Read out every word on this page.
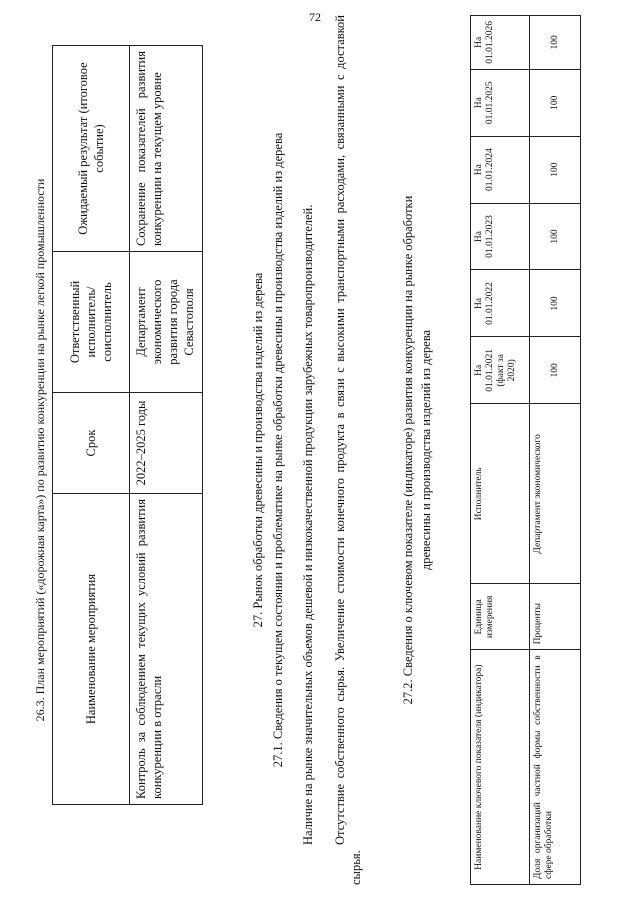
72
26.3. План мероприятий («дорожная карта») по развитию конкуренции на рынке легкой промышленности	Наименование мероприятия	Срок	Ответственный исполнитель/ соисполнитель	Ожидаемый результат (итоговое событие)
Контроль за соблюдением текущих условий развития конкуренции в отрасли	2022–2025 годы	Департамент экономического развития города Севастополя	Сохранение показателей развития конкуренции на текущем уровне
27. Рынок обработки древесины и производства изделий из дерева 27.1. Сведения о текущем состоянии и проблематике на рынке обработки древесины и производства изделий из дерева Наличие на рынке значительных объемов дешевой и низкокачественной продукции зарубежных товаропроизводителей. Отсутствие собственного сырья. Увеличение стоимости конечного продукта в связи с высокими транспортными расходами, связанными с доставкой сырья.
27.2. Сведения о ключевом показателе (индикаторе) развития конкуренции на рынке обработки древесины и производства изделий из дерева
Наименование ключевого показателя (индикатора)	Единица измерения	Исполнитель	На 01.01.2021 (факт за 2020)	На 01.01.2022	На 01.01.2023	На 01.01.2024	На 01.01.2025	На 01.01.2026
Доля организаций частной формы собственности в сфере обработки	Проценты	Департамент экономического	100	100	100	100	100	100
